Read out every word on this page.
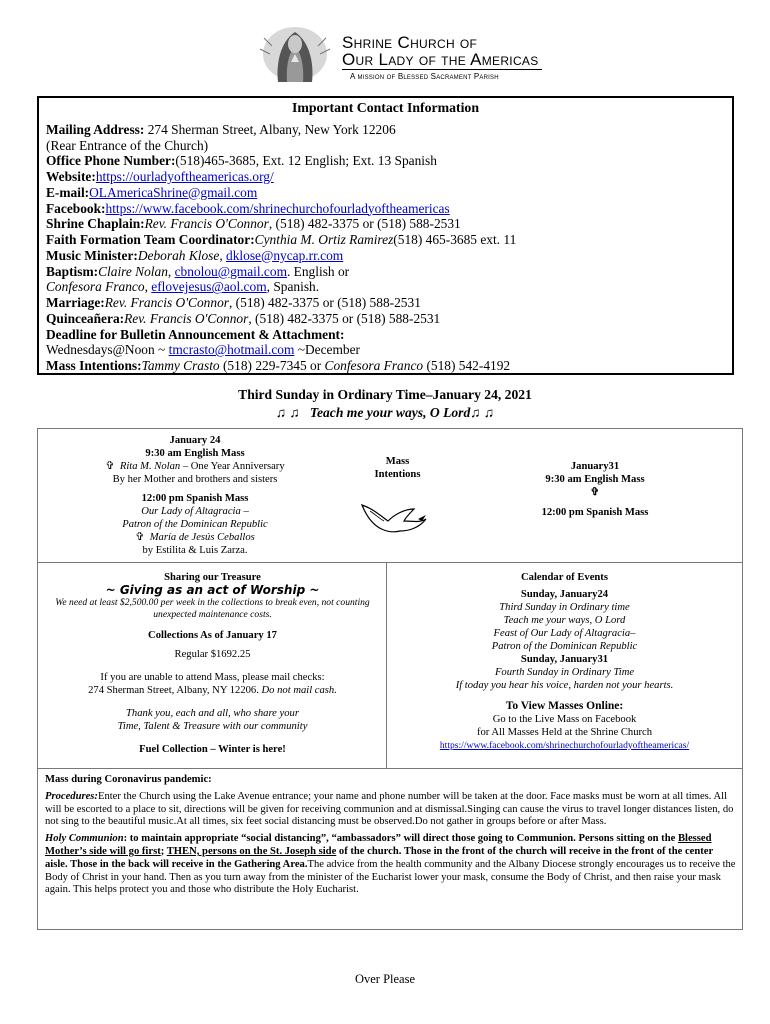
Shrine Church of
Our Lady of the Americas
A mission of Blessed Sacrament Parish
Important Contact Information
Mailing Address: 274 Sherman Street, Albany, New York 12206
(Rear Entrance of the Church)
Office Phone Number:(518)465-3685, Ext. 12 English; Ext. 13 Spanish
Website:https://ourladyoftheamericas.org/
E-mail:OLAmericaShrine@gmail.com
Facebook:https://www.facebook.com/shrinechurchofourladyoftheamericas
Shrine Chaplain:Rev. Francis O'Connor, (518) 482-3375 or (518) 588-2531
Faith Formation Team Coordinator:Cynthia M. Ortiz Ramirez(518) 465-3685 ext. 11
Music Minister:Deborah Klose, dklose@nycap.rr.com
Baptism:Claire Nolan, cbnolou@gmail.com. English or
Confesora Franco, eflovejesus@aol.com, Spanish.
Marriage:Rev. Francis O'Connor, (518) 482-3375 or (518) 588-2531
Quinceañera:Rev. Francis O'Connor, (518) 482-3375 or (518) 588-2531
Deadline for Bulletin Announcement & Attachment:
Wednesdays@Noon ~ tmcrasto@hotmail.com ~December
Mass Intentions:Tammy Crasto (518) 229-7345 or Confesora Franco (518) 542-4192
Third Sunday in Ordinary Time–January 24, 2021
♫ ♫ Teach me your ways, O Lord♫ ♫
January 24
9:30 am English Mass
✞ Rita M. Nolan – One Year Anniversary
By her Mother and brothers and sisters
12:00 pm Spanish Mass
Our Lady of Altagracia –
Patron of the Dominican Republic
✞ María de Jesús Ceballos
by Estilita & Luis Zarza.
Mass
Intentions
January31
9:30 am English Mass
✞
12:00 pm Spanish Mass
Sharing our Treasure
~ Giving as an act of Worship ~
We need at least $2,500.00 per week in the collections to break even, not counting unexpected maintenance costs.
Collections As of January 17
Regular $1692.25
If you are unable to attend Mass, please mail checks:
274 Sherman Street, Albany, NY 12206. Do not mail cash.
Thank you, each and all, who share your
Time, Talent & Treasure with our community
Fuel Collection – Winter is here!
Calendar of Events
Sunday, January24
Third Sunday in Ordinary time
Teach me your ways, O Lord
Feast of Our Lady of Altagracia–
Patron of the Dominican Republic
Sunday, January31
Fourth Sunday in Ordinary Time
If today you hear his voice, harden not your hearts.
To View Masses Online:
Go to the Live Mass on Facebook
for All Masses Held at the Shrine Church
https://www.facebook.com/shrinechurchofourladyoftheamericas/

Mass during Coronavirus pandemic:

Procedures:Enter the Church using the Lake Avenue entrance; your name and phone number will be taken at the door. Face masks must be worn at all times. All will be escorted to a place to sit, directions will be given for receiving communion and at dismissal.Singing can cause the virus to travel longer distances listen, do not sing to the beautiful music.At all times, six feet social distancing must be observed.Do not gather in groups before or after Mass.

Holy Communion: to maintain appropriate “social distancing”, “ambassadors” will direct those going to Communion. Persons sitting on the Blessed Mother’s side will go first; THEN, persons on the St. Joseph side of the church. Those in the front of the church will receive in the front of the center aisle. Those in the back will receive in the Gathering Area.The advice from the health community and the Albany Diocese strongly encourages us to receive the Body of Christ in your hand. Then as you turn away from the minister of the Eucharist lower your mask, consume the Body of Christ, and then raise your mask again. This helps protect you and those who distribute the Holy Eucharist.

Over Please
